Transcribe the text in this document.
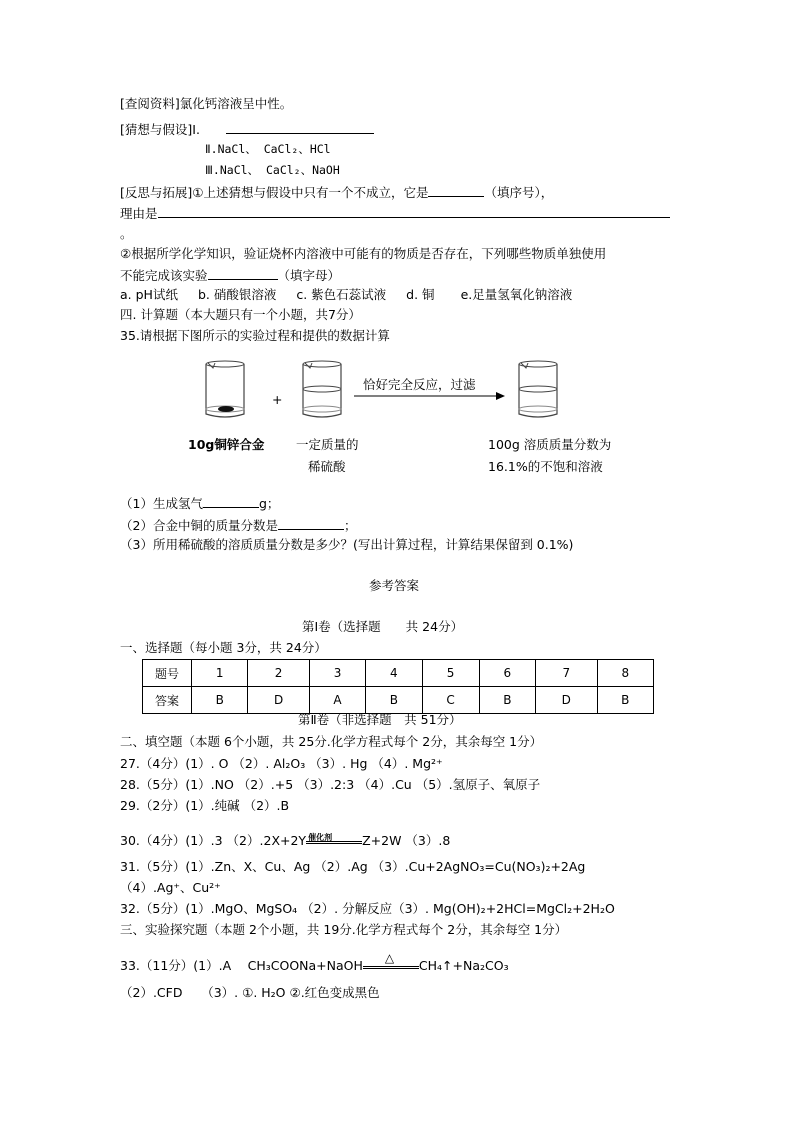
[查阅资料]氯化钙溶液呈中性。
[猜想与假设]Ⅰ.
Ⅱ.NaCl、 CaCl₂、HCl
Ⅲ.NaCl、 CaCl₂、NaOH
[反思与拓展]①上述猜想与假设中只有一个不成立，它是	（填序号），
理由是
。
②根据所学化学知识，验证烧杯内溶液中可能有的物质是否存在，下列哪些物质单独使用
不能完成该实验	（填字母）
a. pH试纸 b. 硝酸银溶液 c. 紫色石蕊试液 d. 铜 e.足量氢氧化钠溶液
四. 计算题（本大题只有一个小题，共7分）
35.请根据下图所示的实验过程和提供的数据计算
+
恰好完全反应，过滤
10g铜锌合金	一定质量的
稀硫酸
100g 溶质质量分数为
16.1%的不饱和溶液
（1）生成氢气	g；
（2）合金中铜的质量分数是	；
（3）所用稀硫酸的溶质质量分数是多少？(写出计算过程，计算结果保留到 0.1%)
参考答案
第Ⅰ卷（选择题　　共 24分）
一、选择题（每小题 3分，共 24分）
题号	1	2	3	4	5	6	7	8
答案	B	D	A	B	C	B	D	B
第Ⅱ卷（非选择题　共 51分）
二、填空题（本题 6个小题，共 25分.化学方程式每个 2分，其余每空 1分）
27.（4分）(1）. O （2）. Al₂O₃ （3）. Hg （4）. Mg²⁺
28.（5分）(1）.NO （2）.+5 （3）.2:3 （4）.Cu （5）.氢原子、氧原子
29.（2分）(1）.纯碱 （2）.B
30.（4分）(1）.3 （2）.2X+2Y 催化剂 Z+2W （3）.8
31.（5分）(1）.Zn、X、Cu、Ag （2）.Ag （3）.Cu+2AgNO₃=Cu(NO₃)₂+2Ag
（4）.Ag⁺、Cu²⁺
32.（5分）(1）.MgO、MgSO₄ （2）. 分解反应（3）. Mg(OH)₂+2HCl=MgCl₂+2H₂O
三、实验探究题（本题 2个小题，共 19分.化学方程式每个 2分，其余每空 1分）
33.（11分）(1）.A　 CH₃COONa+NaOH
△
CH₄↑+Na₂CO₃
（2）.CFD　　（3）. ①. H₂O ②.红色变成黑色
